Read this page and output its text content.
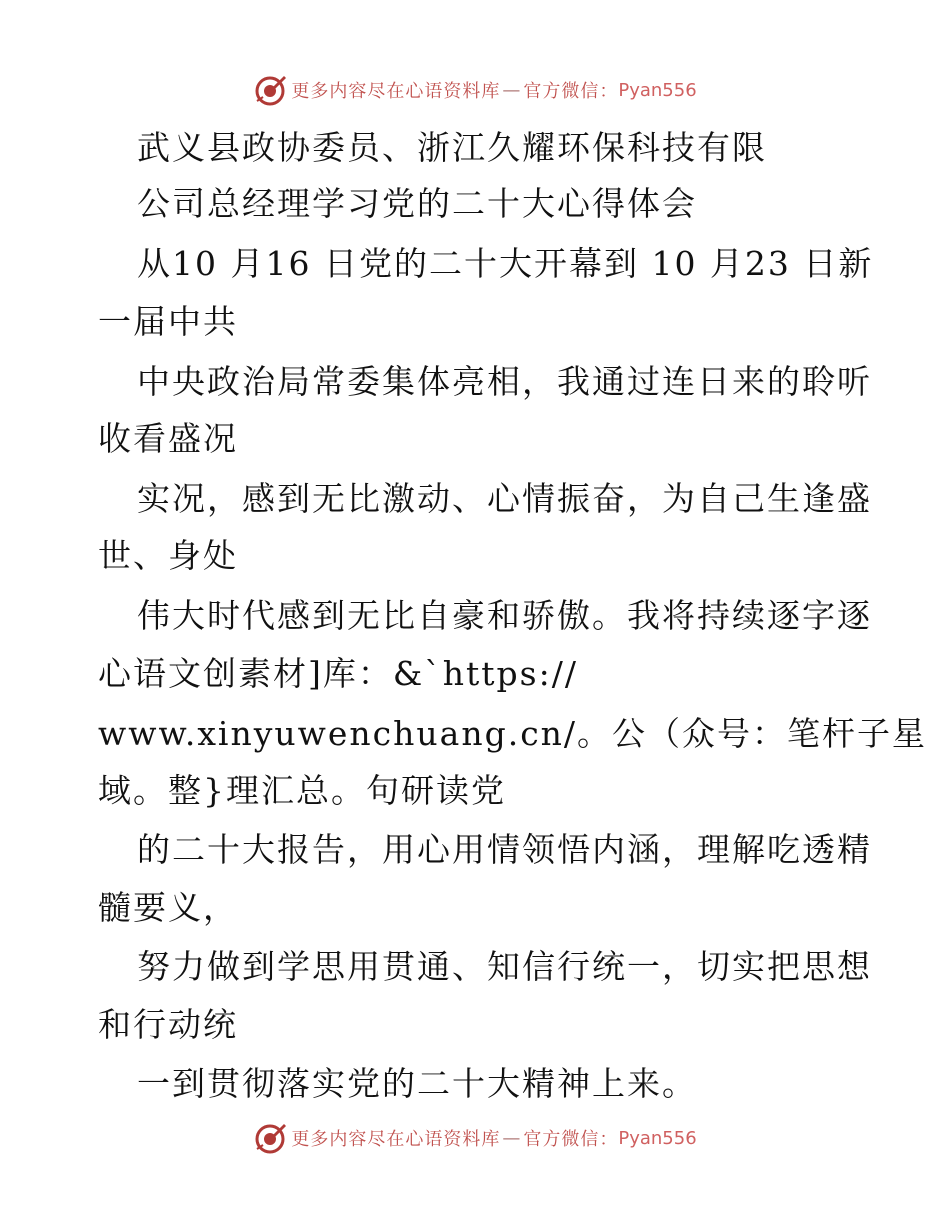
更多内容尽在心语资料库 — 官方微信： Pyan556
武义县政协委员、浙江久耀环保科技有限
公司总经理学习党的二十大心得体会
从10 月16 日党的二十大开幕到 10 月23 日新
一届中共
中央政治局常委集体亮相，我通过连日来的聆听
收看盛况
实况，感到无比激动、心情振奋，为自己生逢盛
世、身处
伟大时代感到无比自豪和骄傲。我将持续逐字逐
心语文创素材]库：&`https://
www.xinyuwenchuang.cn/。公（众号：笔杆子星
域。整}理汇总。句研读党
的二十大报告，用心用情领悟内涵，理解吃透精
髓要义，
努力做到学思用贯通、知信行统一，切实把思想
和行动统
一到贯彻落实党的二十大精神上来。
更多内容尽在心语资料库 — 官方微信： Pyan556
